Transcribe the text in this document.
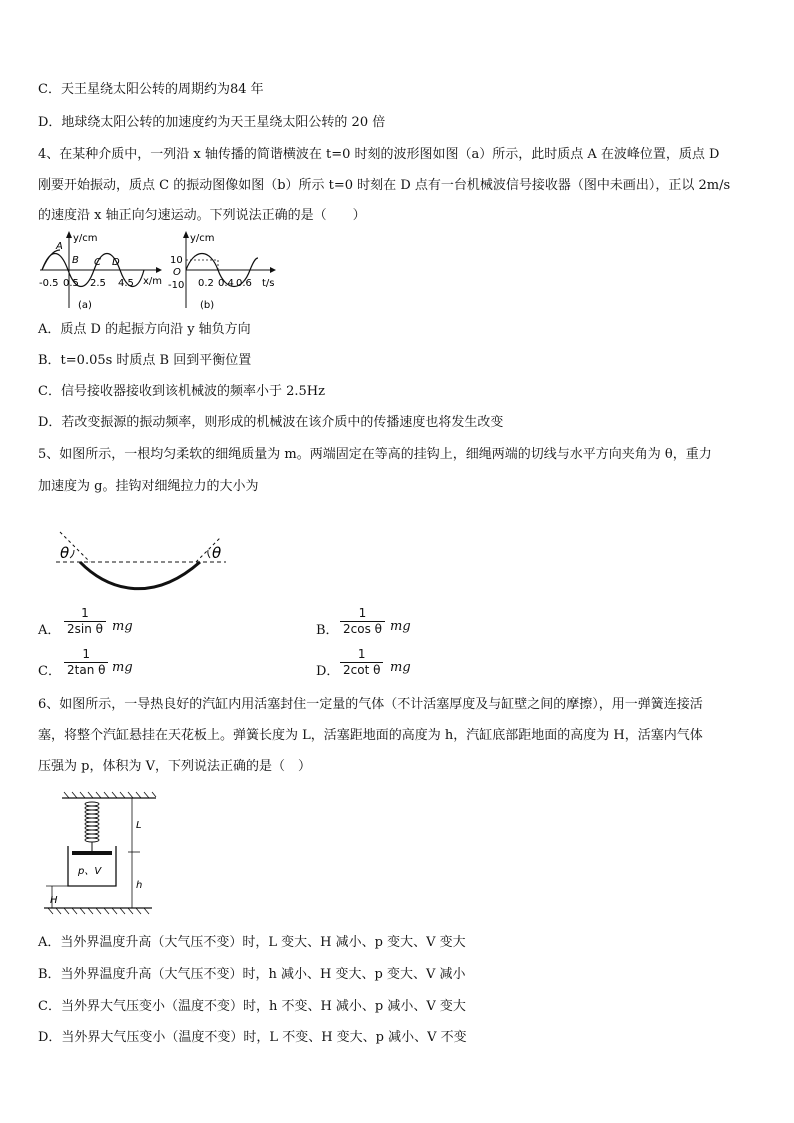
C．天王星绕太阳公转的周期约为84 年
D．地球绕太阳公转的加速度约为天王星绕太阳公转的 20 倍
4、在某种介质中，一列沿 x 轴传播的简谐横波在 t=0 时刻的波形图如图（a）所示，此时质点 A 在波峰位置，质点 D
刚要开始振动，质点 C 的振动图像如图（b）所示 t=0 时刻在 D 点有一台机械波信号接收器（图中未画出），正以 2m/s
的速度沿 x 轴正向匀速运动。下列说法正确的是（　　）
y/cm
x/m
A
B C D
-0.5 0.5 2.5 4.5
(a)
y/cm
t/s
10
O
-10 0.2 0.4 0.6
(b)
A．质点 D 的起振方向沿 y 轴负方向
B．t=0.05s 时质点 B 回到平衡位置
C．信号接收器接收到该机械波的频率小于 2.5Hz
D．若改变振源的振动频率，则形成的机械波在该介质中的传播速度也将发生改变
5、如图所示，一根均匀柔软的细绳质量为 m。两端固定在等高的挂钩上，细绳两端的切线与水平方向夹角为 θ，重力
加速度为 g。挂钩对细绳拉力的大小为
θ	θ
A． $\frac{1}{\text{2sin θ}}$ mg	B． $\frac{1}{\text{2cos θ}}$ mg
C． $\frac{1}{\text{2tan θ}}$ mg	D． $\frac{1}{\text{2cot θ}}$ mg
6、如图所示，一导热良好的汽缸内用活塞封住一定量的气体（不计活塞厚度及与缸壁之间的摩擦），用一弹簧连接活
塞，将整个汽缸悬挂在天花板上。弹簧长度为 L，活塞距地面的高度为 h，汽缸底部距地面的高度为 H，活塞内气体
压强为 p，体积为 V，下列说法正确的是（　）
p、V
L
h
H
A．当外界温度升高（大气压不变）时，L 变大、H 减小、p 变大、V 变大
B．当外界温度升高（大气压不变）时，h 减小、H 变大、p 变大、V 减小
C．当外界大气压变小（温度不变）时，h 不变、H 减小、p 减小、V 变大
D．当外界大气压变小（温度不变）时，L 不变、H 变大、p 减小、V 不变
